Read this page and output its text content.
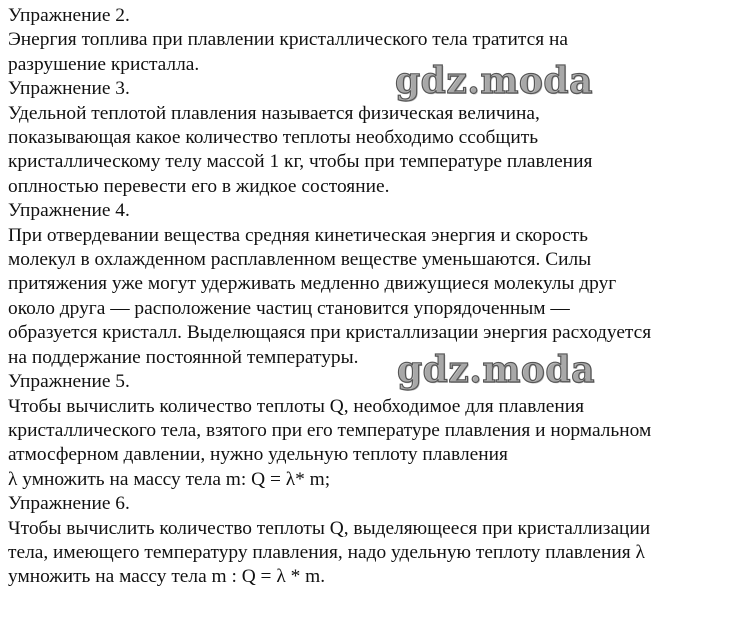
Упражнение 2.
Энергия топлива при плавлении кристаллического тела тратится на
разрушение кристалла.
Упражнение 3.
Удельной теплотой плавления называется физическая величина,
показывающая какое количество теплоты необходимо ссобщить
кристаллическому телу массой 1 кг, чтобы при температуре плавления
оплностью перевести его в жидкое состояние.
Упражнение 4.
При отвердевании вещества средняя кинетическая энергия и скорость
молекул в охлажденном расплавленном веществе уменьшаются. Силы
притяжения уже могут удерживать медленно движущиеся молекулы друг
около друга — расположение частиц становится упорядоченным —
образуется кристалл. Выделющаяся при кристаллизации энергия расходуется
на поддержание постоянной температуры.
Упражнение 5.
Чтобы вычислить количество теплоты Q, необходимое для плавления
кристаллического тела, взятого при его температуре плавления и нормальном
атмосферном давлении, нужно удельную теплоту плавления
λ умножить на массу тела m: Q = λ* m;
Упражнение 6.
Чтобы вычислить количество теплоты Q, выделяющееся при кристаллизации
тела, имеющего температуру плавления, надо удельную теплоту плавления λ
умножить на массу тела m : Q = λ * m.
gdz.moda
gdz.moda
